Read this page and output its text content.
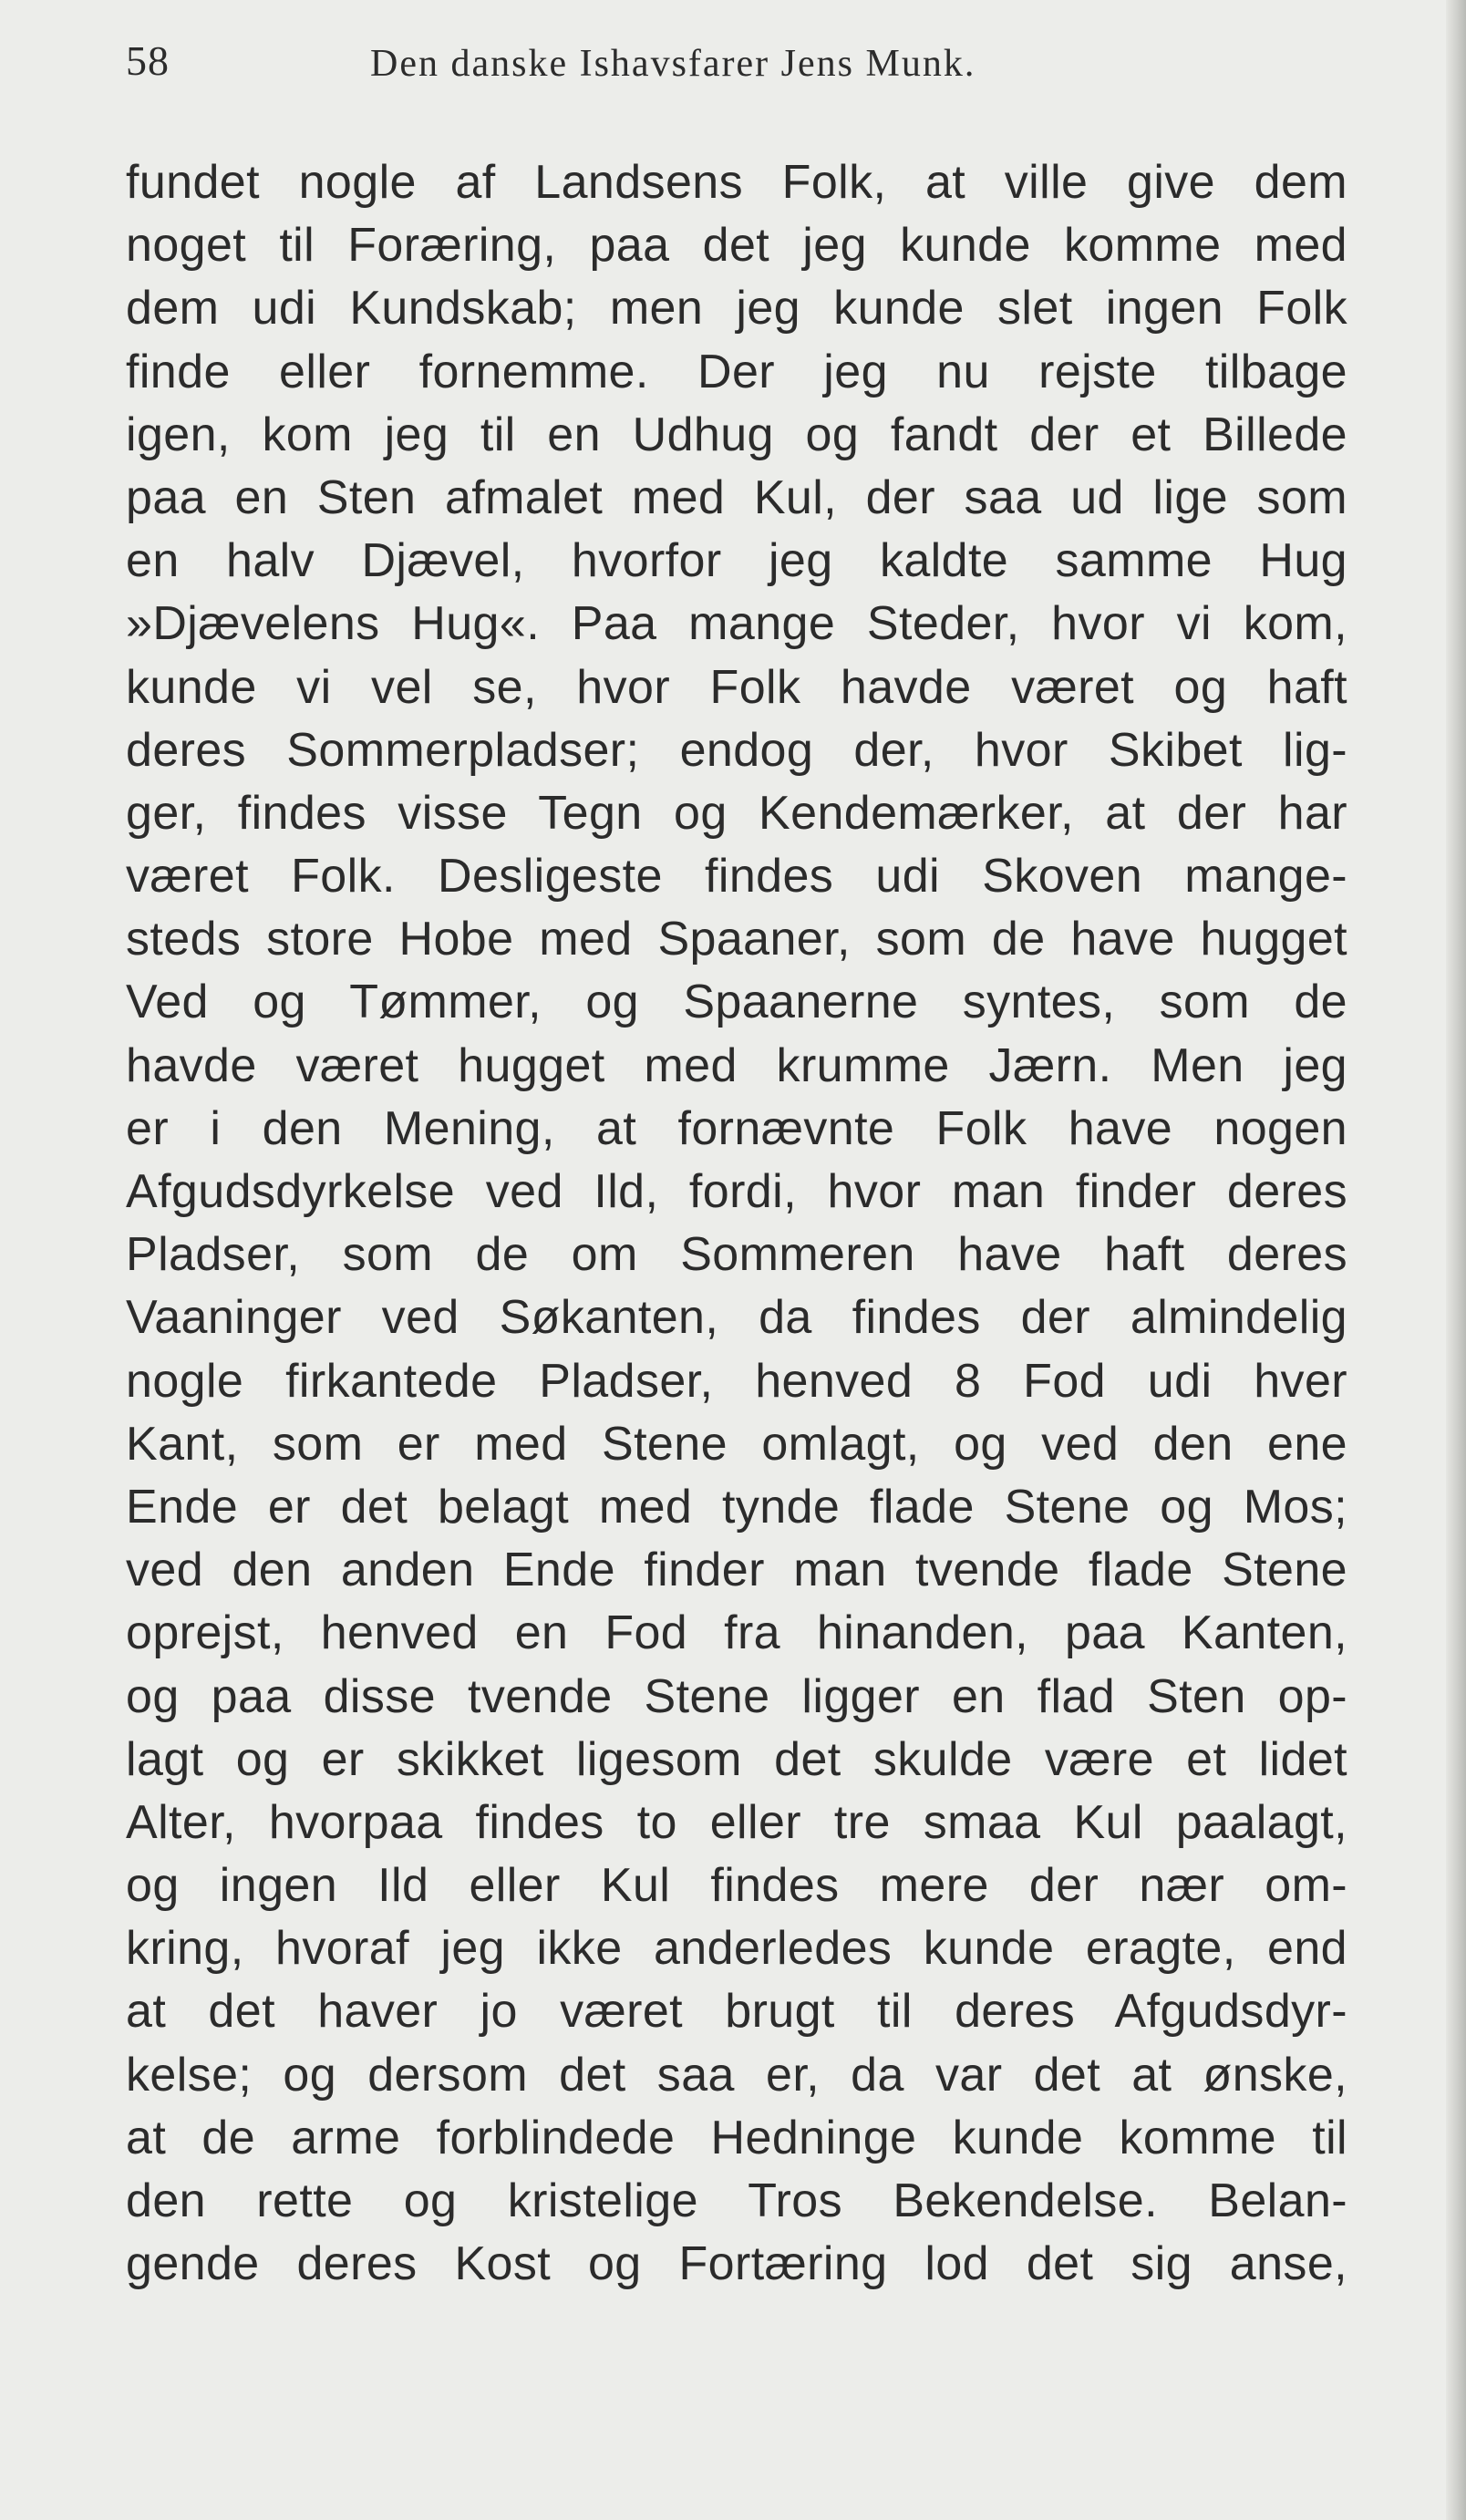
58	Den danske Ishavsfarer Jens Munk.
fundet nogle af Landsens Folk, at ville give dem
noget til Foræring, paa det jeg kunde komme med
dem udi Kundskab; men jeg kunde slet ingen Folk
finde eller fornemme. Der jeg nu rejste tilbage
igen, kom jeg til en Udhug og fandt der et Billede
paa en Sten afmalet med Kul, der saa ud lige som
en halv Djævel, hvorfor jeg kaldte samme Hug
»Djævelens Hug«. Paa mange Steder, hvor vi kom,
kunde vi vel se, hvor Folk havde været og haft
deres Sommerpladser; endog der, hvor Skibet lig-
ger, findes visse Tegn og Kendemærker, at der har
været Folk. Desligeste findes udi Skoven mange-
steds store Hobe med Spaaner, som de have hugget
Ved og Tømmer, og Spaanerne syntes, som de
havde været hugget med krumme Jærn. Men jeg
er i den Mening, at fornævnte Folk have nogen
Afgudsdyrkelse ved Ild, fordi, hvor man finder deres
Pladser, som de om Sommeren have haft deres
Vaaninger ved Søkanten, da findes der almindelig
nogle firkantede Pladser, henved 8 Fod udi hver
Kant, som er med Stene omlagt, og ved den ene
Ende er det belagt med tynde flade Stene og Mos;
ved den anden Ende finder man tvende flade Stene
oprejst, henved en Fod fra hinanden, paa Kanten,
og paa disse tvende Stene ligger en flad Sten op-
lagt og er skikket ligesom det skulde være et lidet
Alter, hvorpaa findes to eller tre smaa Kul paalagt,
og ingen Ild eller Kul findes mere der nær om-
kring, hvoraf jeg ikke anderledes kunde eragte, end
at det haver jo været brugt til deres Afgudsdyr-
kelse; og dersom det saa er, da var det at ønske,
at de arme forblindede Hedninge kunde komme til
den rette og kristelige Tros Bekendelse. Belan-
gende deres Kost og Fortæring lod det sig anse,
